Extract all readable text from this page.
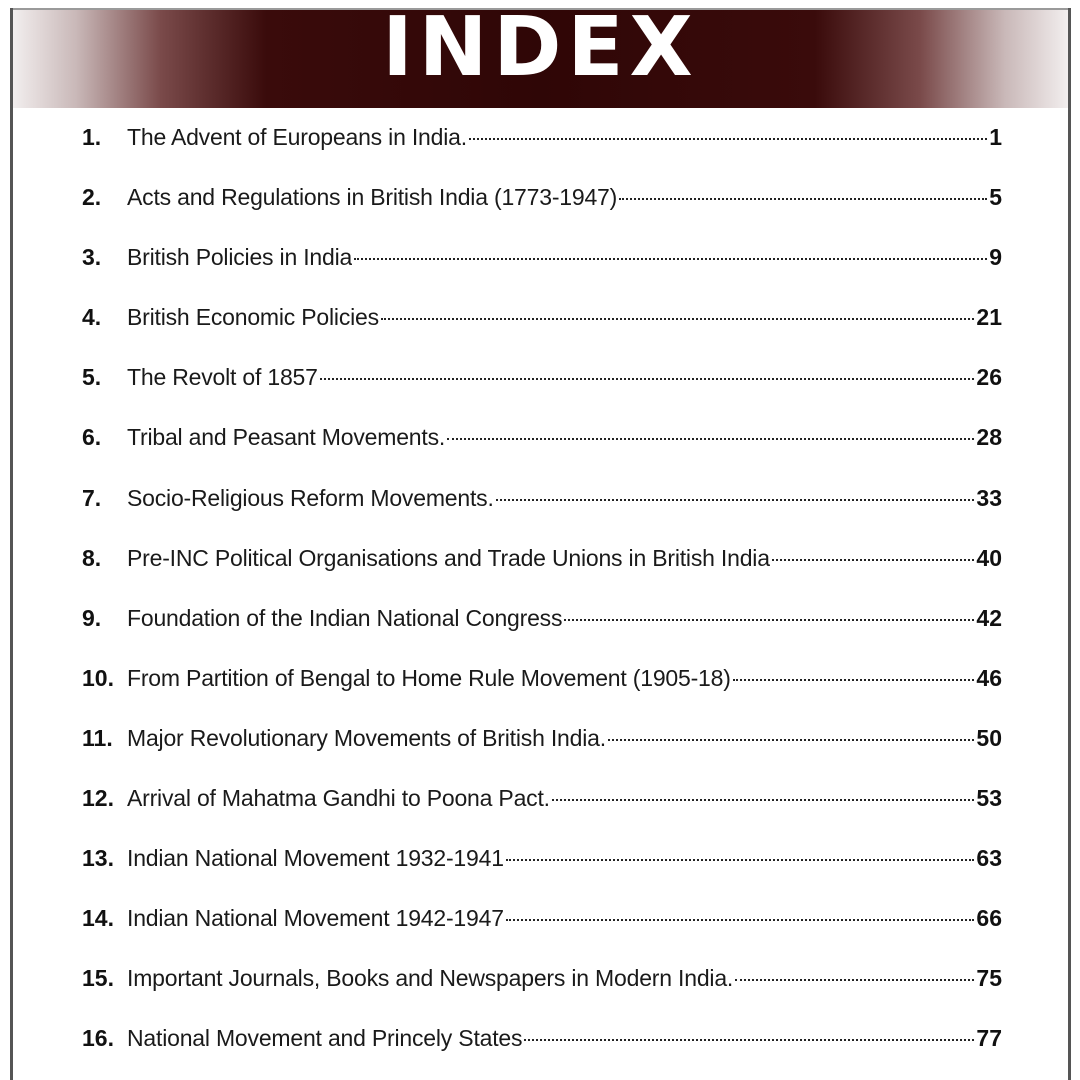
INDEX
1.	The Advent of Europeans in India.	1
2.	Acts and Regulations in British India (1773-1947)	5
3.	British Policies in India	9
4.	British Economic Policies	21
5.	The Revolt of 1857	26
6.	Tribal and Peasant Movements.	28
7.	Socio-Religious Reform Movements.	33
8.	Pre-INC Political Organisations and Trade Unions in British India	40
9.	Foundation of the Indian National Congress	42
10. From Partition of Bengal to Home Rule Movement (1905-18)	46
11. Major Revolutionary Movements of British India.	50
12. Arrival of Mahatma Gandhi to Poona Pact.	53
13. Indian National Movement 1932-1941	63
14. Indian National Movement 1942-1947	66
15. Important Journals, Books and Newspapers in Modern India.	75
16. National Movement and Princely States	77
